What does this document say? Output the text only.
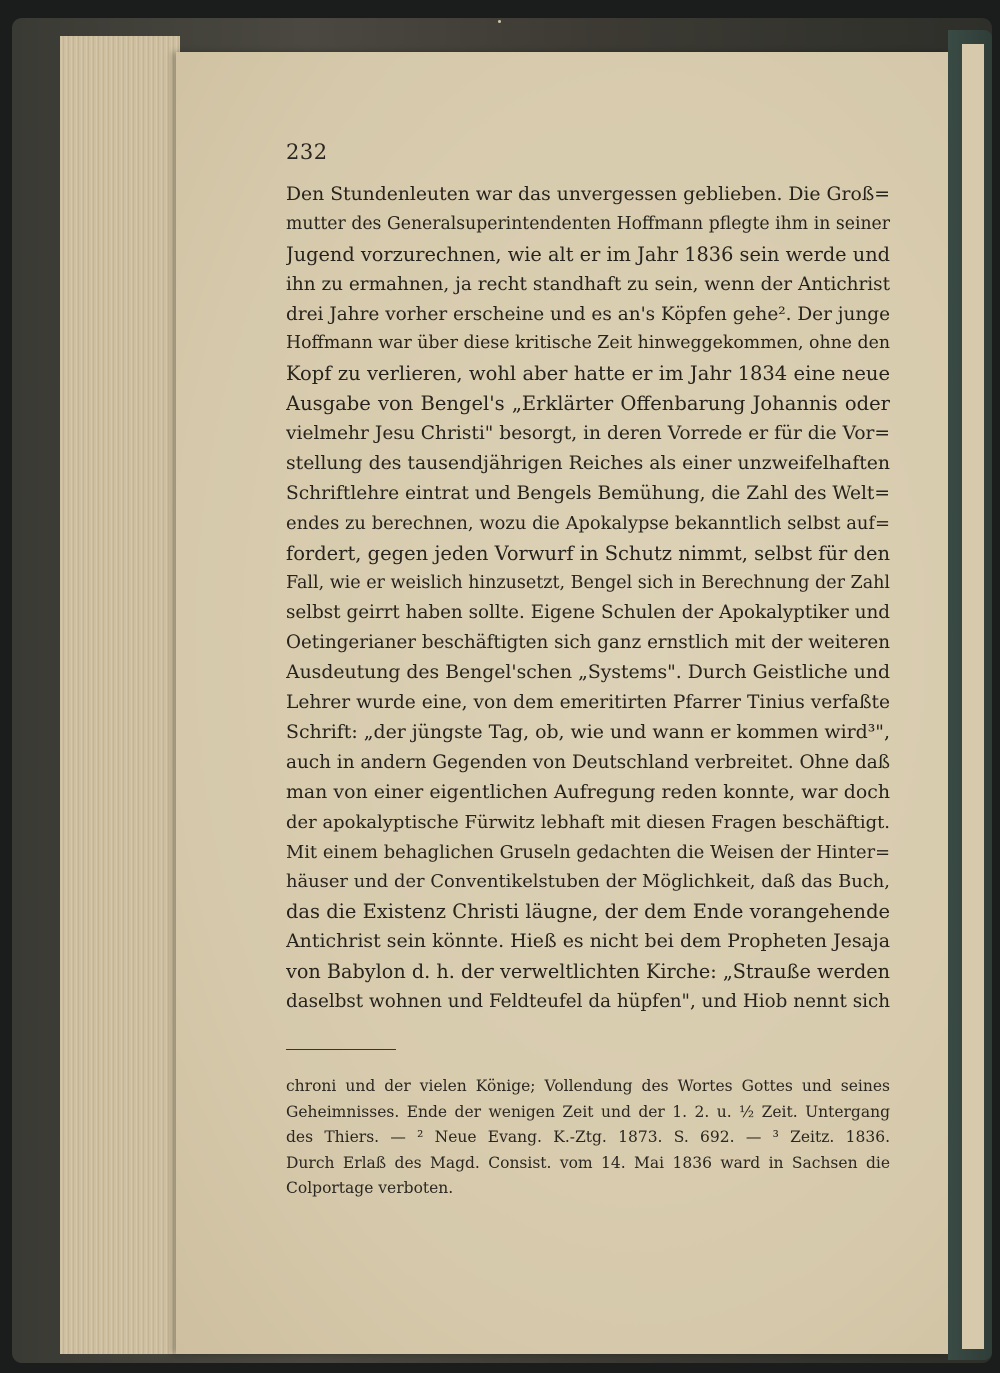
232
Den Stundenleuten war das unvergessen geblieben. Die Groß=
mutter des Generalsuperintendenten Hoffmann pflegte ihm in seiner
Jugend vorzurechnen, wie alt er im Jahr 1836 sein werde und
ihn zu ermahnen, ja recht standhaft zu sein, wenn der Antichrist
drei Jahre vorher erscheine und es an's Köpfen gehe². Der junge
Hoffmann war über diese kritische Zeit hinweggekommen, ohne den
Kopf zu verlieren, wohl aber hatte er im Jahr 1834 eine neue
Ausgabe von Bengel's „Erklärter Offenbarung Johannis oder
vielmehr Jesu Christi" besorgt, in deren Vorrede er für die Vor=
stellung des tausendjährigen Reiches als einer unzweifelhaften
Schriftlehre eintrat und Bengels Bemühung, die Zahl des Welt=
endes zu berechnen, wozu die Apokalypse bekanntlich selbst auf=
fordert, gegen jeden Vorwurf in Schutz nimmt, selbst für den
Fall, wie er weislich hinzusetzt, Bengel sich in Berechnung der Zahl
selbst geirrt haben sollte. Eigene Schulen der Apokalyptiker und
Oetingerianer beschäftigten sich ganz ernstlich mit der weiteren
Ausdeutung des Bengel'schen „Systems". Durch Geistliche und
Lehrer wurde eine, von dem emeritirten Pfarrer Tinius verfaßte
Schrift: „der jüngste Tag, ob, wie und wann er kommen wird³",
auch in andern Gegenden von Deutschland verbreitet. Ohne daß
man von einer eigentlichen Aufregung reden konnte, war doch
der apokalyptische Fürwitz lebhaft mit diesen Fragen beschäftigt.
Mit einem behaglichen Gruseln gedachten die Weisen der Hinter=
häuser und der Conventikelstuben der Möglichkeit, daß das Buch,
das die Existenz Christi läugne, der dem Ende vorangehende
Antichrist sein könnte. Hieß es nicht bei dem Propheten Jesaja
von Babylon d. h. der verweltlichten Kirche: „Strauße werden
daselbst wohnen und Feldteufel da hüpfen", und Hiob nennt sich
chroni und der vielen Könige; Vollendung des Wortes Gottes und seines
Geheimnisses. Ende der wenigen Zeit und der 1. 2. u. ½ Zeit. Untergang
des Thiers. — ² Neue Evang. K.-Ztg. 1873. S. 692. — ³ Zeitz. 1836.
Durch Erlaß des Magd. Consist. vom 14. Mai 1836 ward in Sachsen die
Colportage verboten.
